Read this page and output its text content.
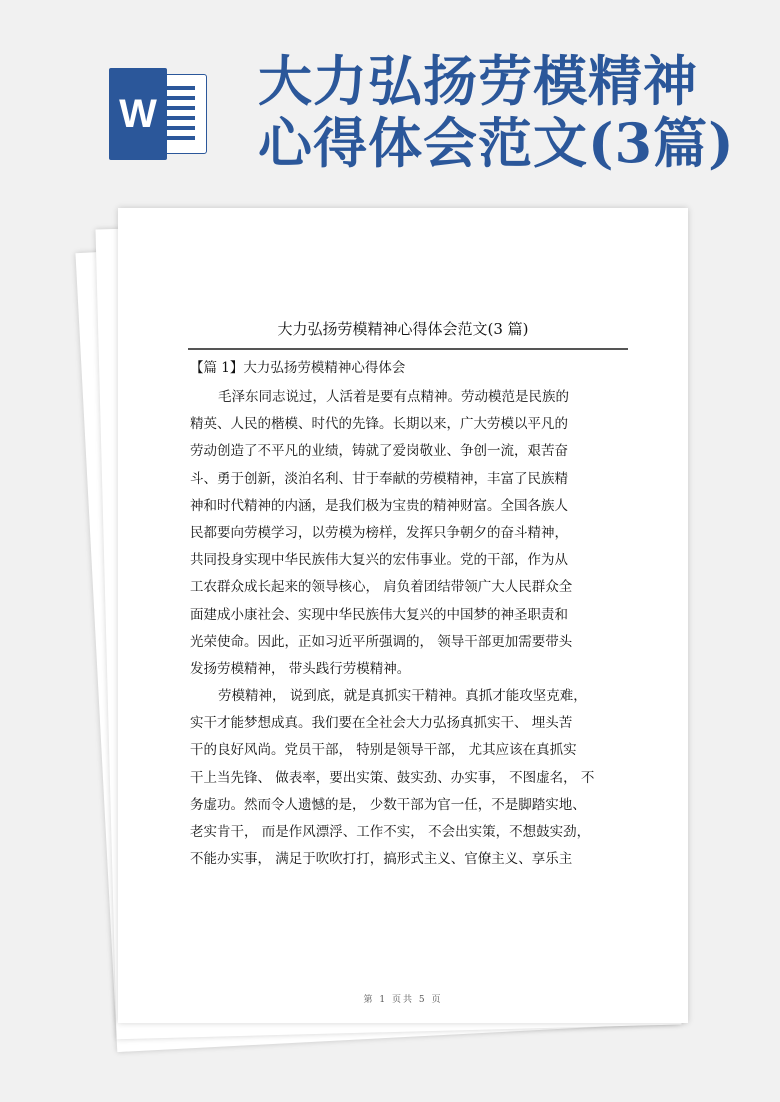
W
大力弘扬劳模精神
心得体会范文(3篇)
大力弘扬劳模精神心得体会范文(3 篇)
【篇 1】大力弘扬劳模精神心得体会
毛泽东同志说过，人活着是要有点精神。劳动模范是民族的
精英、人民的楷模、时代的先锋。长期以来，广大劳模以平凡的
劳动创造了不平凡的业绩，铸就了爱岗敬业、争创一流，艰苦奋
斗、勇于创新，淡泊名利、甘于奉献的劳模精神，丰富了民族精
神和时代精神的内涵，是我们极为宝贵的精神财富。全国各族人
民都要向劳模学习，以劳模为榜样，发挥只争朝夕的奋斗精神，
共同投身实现中华民族伟大复兴的宏伟事业。党的干部，作为从
工农群众成长起来的领导核心， 肩负着团结带领广大人民群众全
面建成小康社会、实现中华民族伟大复兴的中国梦的神圣职责和
光荣使命。因此，正如习近平所强调的， 领导干部更加需要带头
发扬劳模精神， 带头践行劳模精神。
劳模精神， 说到底，就是真抓实干精神。真抓才能攻坚克难，
实干才能梦想成真。我们要在全社会大力弘扬真抓实干、 埋头苦
干的良好风尚。党员干部， 特别是领导干部， 尤其应该在真抓实
干上当先锋、 做表率，要出实策、鼓实劲、办实事， 不图虚名， 不
务虚功。然而令人遗憾的是， 少数干部为官一任，不是脚踏实地、
老实肯干， 而是作风漂浮、工作不实， 不会出实策，不想鼓实劲，
不能办实事， 满足于吹吹打打，搞形式主义、官僚主义、享乐主
第 1 页共 5 页
